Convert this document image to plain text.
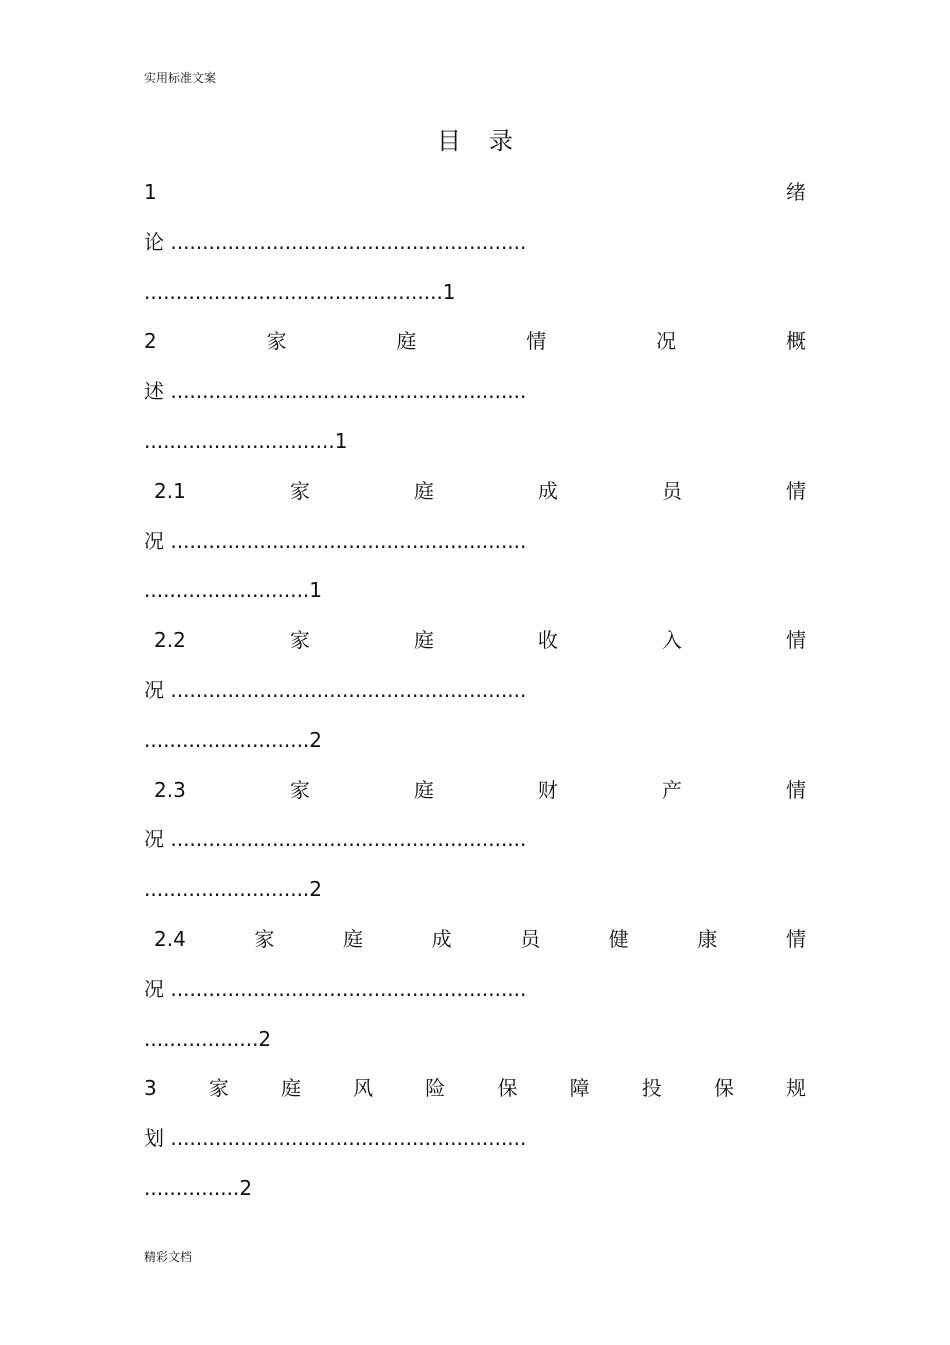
实用标准文案
目 录
1	绪
论 ........................................................
...............................................1
2	家	庭	情	况	概
述 ........................................................
..............................1
2.1	家	庭	成	员	情
况 ........................................................
..........................1
2.2	家	庭	收	入	情
况 ........................................................
..........................2
2.3	家	庭	财	产	情
况 ........................................................
..........................2
2.4	家	庭	成	员	健	康	情
况 ........................................................
..................2
3	家	庭	风	险	保	障	投	保	规
划 ........................................................
...............2
精彩文档
